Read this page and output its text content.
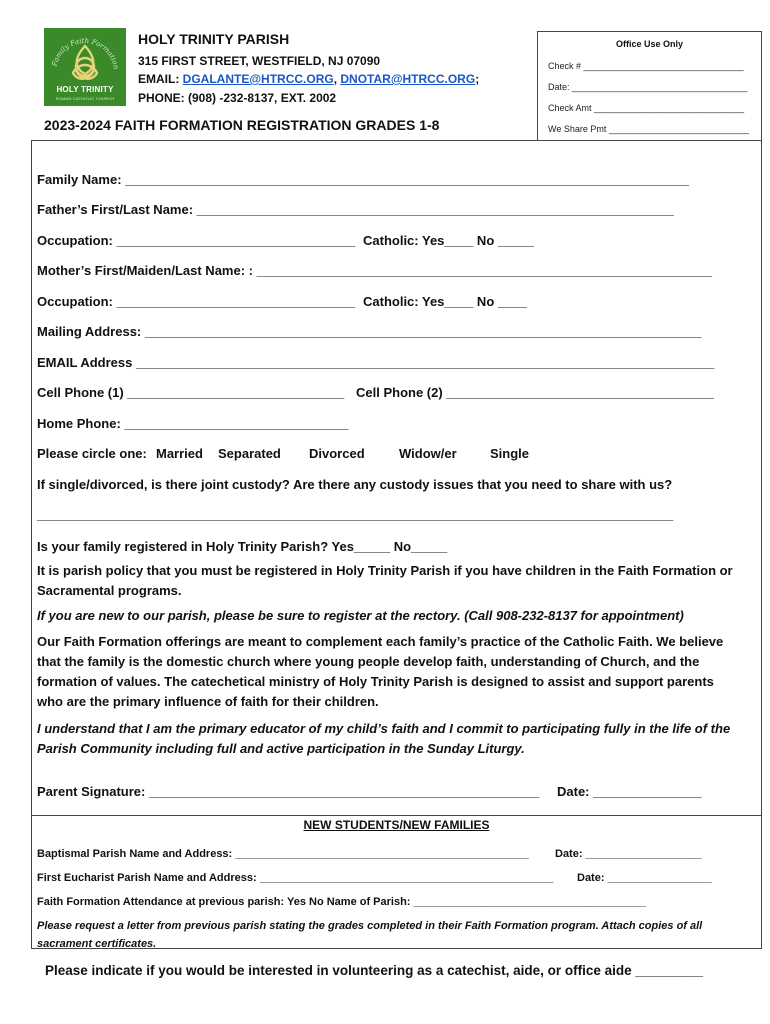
Family Faith Formation
HOLY TRINITY
ROMAN CATHOLIC CHURCH
HOLY TRINITY PARISH
315 FIRST STREET, WESTFIELD, NJ 07090
EMAIL: DGALANTE@HTRCC.ORG, DNOTAR@HTRCC.ORG;
PHONE: (908) -232-8137, EXT. 2002
2023-2024 FAITH FORMATION REGISTRATION GRADES 1-8
Office Use Only
Check # ________________________________
Date: ___________________________________
Check Amt ______________________________
We Share Pmt ____________________________
Family Name: ______________________________________________________________________________
Father’s First/Last Name: __________________________________________________________________
Occupation: _________________________________ Catholic: Yes____ No _____
Mother’s First/Maiden/Last Name: : _______________________________________________________________
Occupation: _________________________________ Catholic: Yes____ No ____
Mailing Address: _____________________________________________________________________________
EMAIL Address ________________________________________________________________________________
Cell Phone (1) ______________________________ Cell Phone (2) _____________________________________
Home Phone: _______________________________
Please circle one: Married Separated Divorced	Widow/er	Single
If single/divorced, is there joint custody? Are there any custody issues that you need to share with us?
________________________________________________________________________________________
Is your family registered in Holy Trinity Parish? Yes_____ No_____
It is parish policy that you must be registered in Holy Trinity Parish if you have children in the Faith Formation or Sacramental programs.
If you are new to our parish, please be sure to register at the rectory. (Call 908-232-8137 for appointment)
Our Faith Formation offerings are meant to complement each family’s practice of the Catholic Faith. We believe that the family is the domestic church where young people develop faith, understanding of Church, and the formation of values. The catechetical ministry of Holy Trinity Parish is designed to assist and support parents who are the primary influence of faith for their children.
I understand that I am the primary educator of my child’s faith and I commit to participating fully in the life of the Parish Community including full and active participation in the Sunday Liturgy.
Parent Signature: ______________________________________________________ Date: _______________
NEW STUDENTS/NEW FAMILIES
Baptismal Parish Name and Address: ________________________________________________ Date: ___________________
First Eucharist Parish Name and Address: ________________________________________________ Date: _________________
Faith Formation Attendance at previous parish: Yes No Name of Parish: ______________________________________
Please request a letter from previous parish stating the grades completed in their Faith Formation program. Attach copies of all sacrament certificates.
Please indicate if you would be interested in volunteering as a catechist, aide, or office aide _________
